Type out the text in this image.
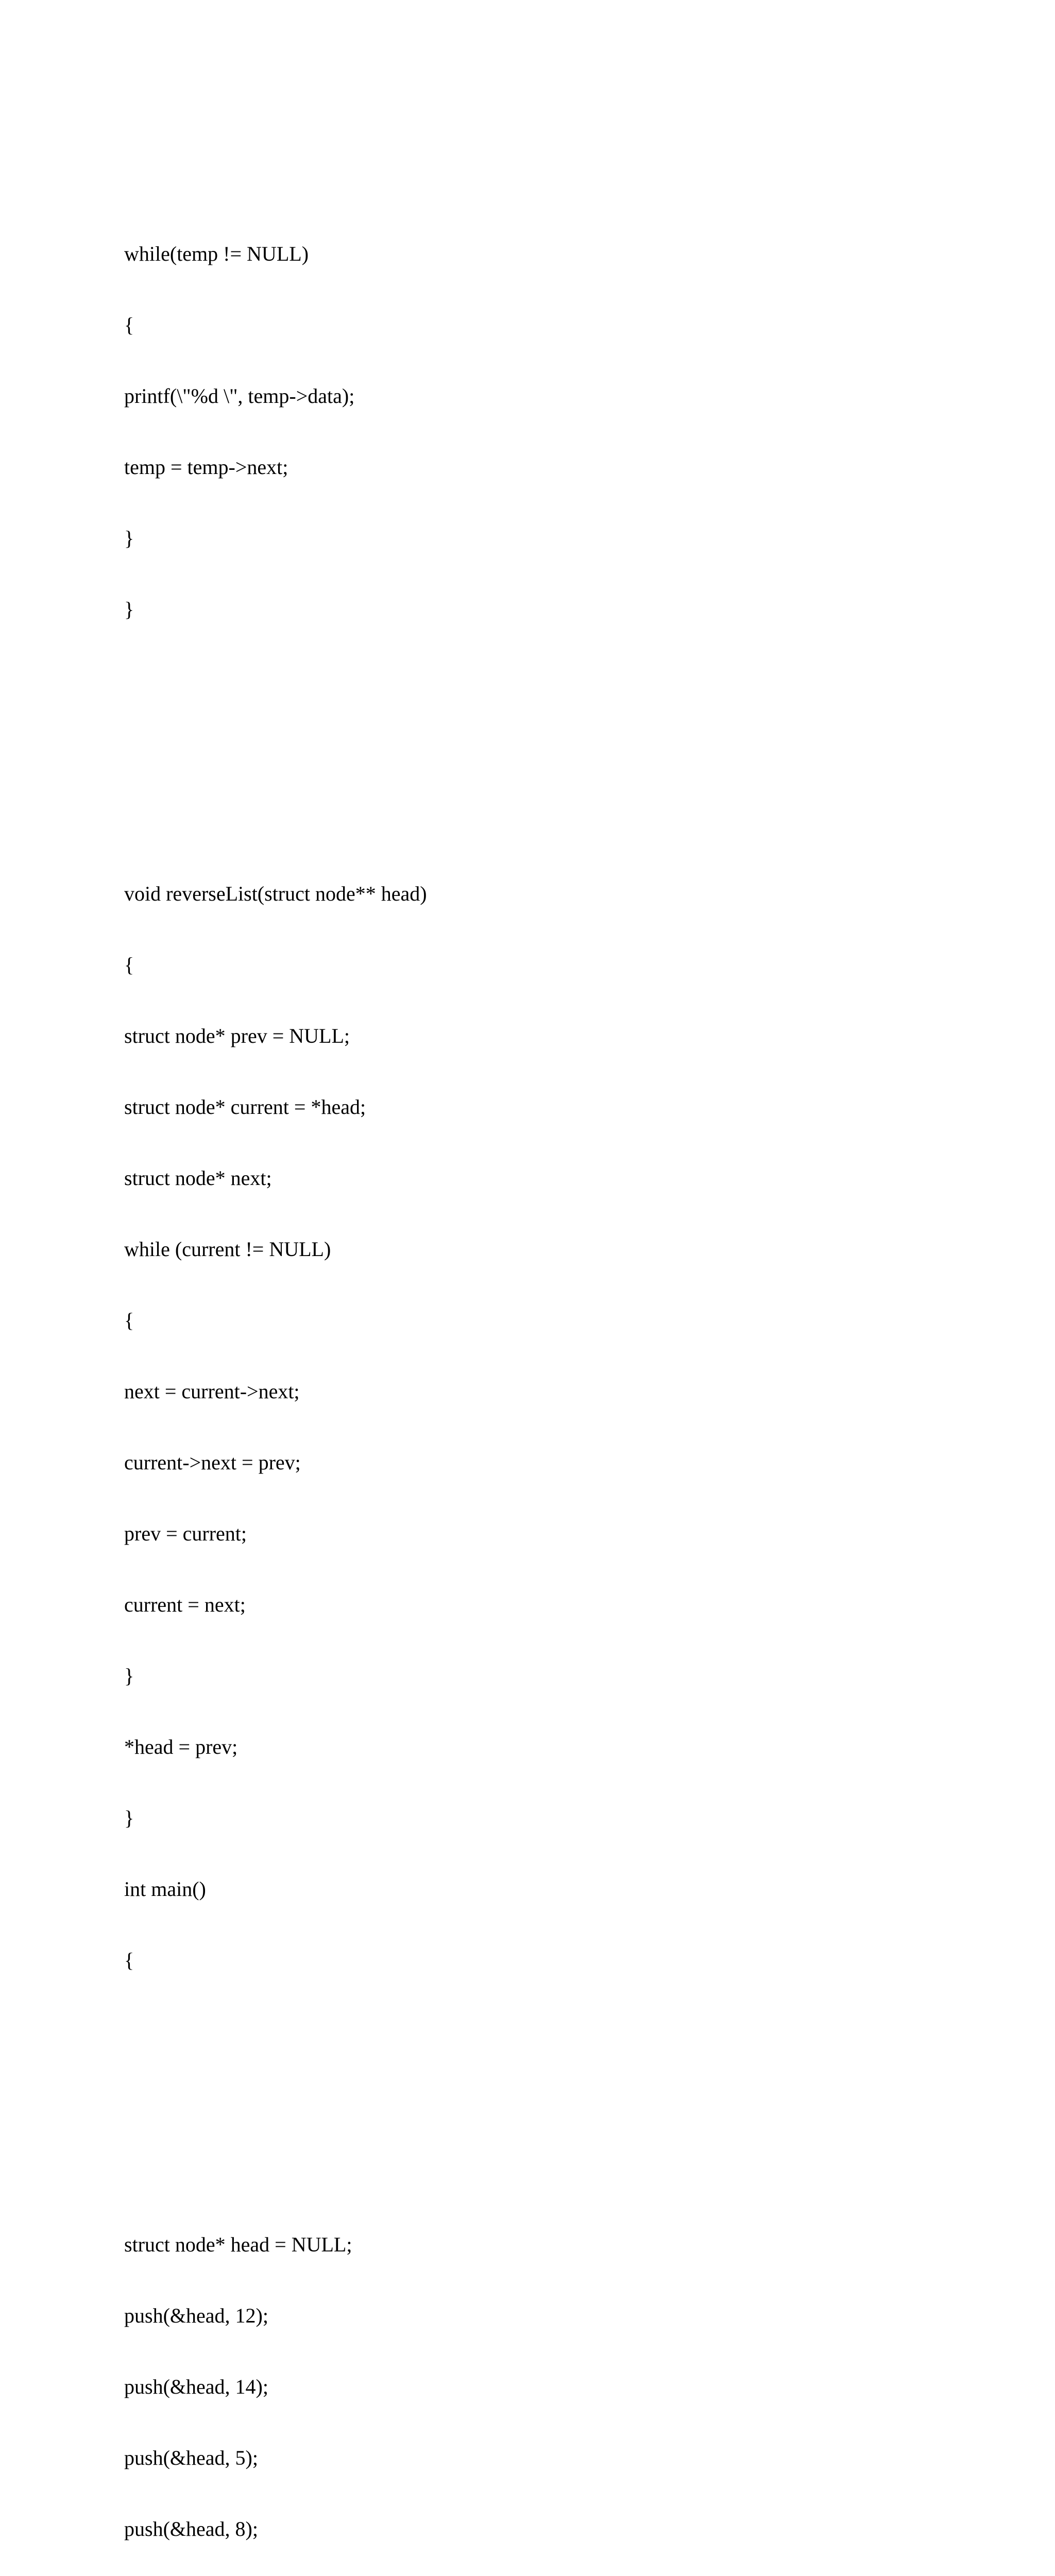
while(temp != NULL)

{

printf(\"%d \", temp->data);

temp = temp->next;

}

}

void reverseList(struct node** head)

{

struct node* prev = NULL;

struct node* current = *head;

struct node* next;

while (current != NULL)

{

next = current->next;

current->next = prev;

prev = current;

current = next;

}

*head = prev;

}

int main()

{

struct node* head = NULL;

push(&head, 12);

push(&head, 14);

push(&head, 5);

push(&head, 8);
